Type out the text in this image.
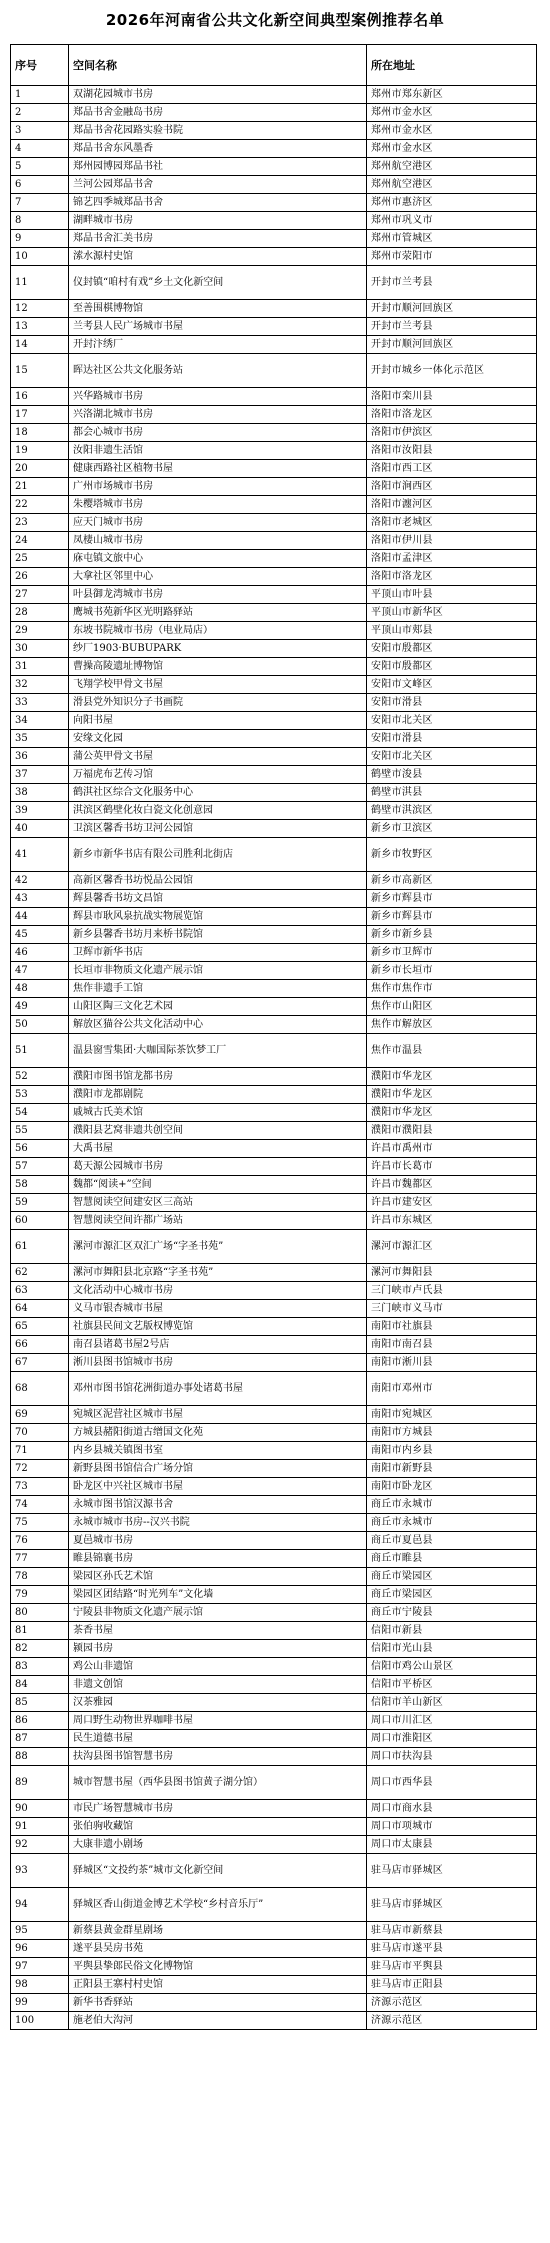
2026年河南省公共文化新空间典型案例推荐名单
序号	空间名称	所在地址
1	双湖花园城市书房	郑州市郑东新区
2	郑品书舍金融岛书房	郑州市金水区
3	郑品书舍花园路实验书院	郑州市金水区
4	郑品书舍东风墨香	郑州市金水区
5	郑州园博园郑品书社	郑州航空港区
6	兰河公园郑品书舍	郑州航空港区
7	锦艺四季城郑品书舍	郑州市惠济区
8	湖畔城市书房	郑州市巩义市
9	郑品书舍汇美书房	郑州市管城区
10	溹水源村史馆	郑州市荥阳市
11	仪封镇“咱村有戏”乡土文化新空间	开封市兰考县
12	至善围棋博物馆	开封市顺河回族区
13	兰考县人民广场城市书屋	开封市兰考县
14	开封汴绣厂	开封市顺河回族区
15	晖达社区公共文化服务站	开封市城乡一体化示范区
16	兴华路城市书房	洛阳市栾川县
17	兴洛湖北城市书房	洛阳市洛龙区
18	都会心城市书房	洛阳市伊滨区
19	汝阳非遗生活馆	洛阳市汝阳县
20	健康西路社区植物书屋	洛阳市西工区
21	广州市场城市书房	洛阳市涧西区
22	朱樱塔城市书房	洛阳市瀍河区
23	应天门城市书房	洛阳市老城区
24	凤棲山城市书房	洛阳市伊川县
25	庥屯镇文旅中心	洛阳市孟津区
26	大拿社区邻里中心	洛阳市洛龙区
27	叶县御龙湾城市书房	平顶山市叶县
28	鹰城书苑新华区光明路驿站	平顶山市新华区
29	东坡书院城市书房（电业局店）	平顶山市郏县
30	纱厂1903·BUBUPARK	安阳市殷都区
31	曹操高陵遗址博物馆	安阳市殷都区
32	飞翔学校甲骨文书屋	安阳市文峰区
33	滑县党外知识分子书画院	安阳市滑县
34	向阳书屋	安阳市北关区
35	安缘文化园	安阳市滑县
36	蒲公英甲骨文书屋	安阳市北关区
37	万福虎布艺传习馆	鹤壁市浚县
38	鹤淇社区综合文化服务中心	鹤壁市淇县
39	淇滨区鹤壁化妆白瓷文化创意园	鹤壁市淇滨区
40	卫滨区馨香书坊卫河公园馆	新乡市卫滨区
41	新乡市新华书店有限公司胜利北街店	新乡市牧野区
42	高新区馨香书坊悦品公园馆	新乡市高新区
43	辉县馨香书坊文昌馆	新乡市辉县市
44	辉县市耿风泉抗战实物展览馆	新乡市辉县市
45	新乡县馨香书坊月来桥书院馆	新乡市新乡县
46	卫辉市新华书店	新乡市卫辉市
47	长垣市非物质文化遗产展示馆	新乡市长垣市
48	焦作非遗手工馆	焦作市焦作市
49	山阳区陶三文化艺术园	焦作市山阳区
50	解放区猫谷公共文化活动中心	焦作市解放区
51	温县窗雪集团·大咖国际茶饮梦工厂	焦作市温县
52	濮阳市图书馆龙都书房	濮阳市华龙区
53	濮阳市龙都剧院	濮阳市华龙区
54	戚城古氏美术馆	濮阳市华龙区
55	濮阳县艺窝非遗共创空间	濮阳市濮阳县
56	大禹书屋	许昌市禹州市
57	葛天源公园城市书房	许昌市长葛市
58	魏都“阅读+”空间	许昌市魏都区
59	智慧阅读空间建安区三高站	许昌市建安区
60	智慧阅读空间许都广场站	许昌市东城区
61	漯河市源汇区双汇广场“字圣书苑”	漯河市源汇区
62	漯河市舞阳县北京路“字圣书苑”	漯河市舞阳县
63	文化活动中心城市书房	三门峡市卢氏县
64	义马市银杏城市书屋	三门峡市义马市
65	社旗县民间文艺版权博览馆	南阳市社旗县
66	南召县诸葛书屋2号店	南阳市南召县
67	淅川县图书馆城市书房	南阳市淅川县
68	邓州市图书馆花洲街道办事处诸葛书屋	南阳市邓州市
69	宛城区泥营社区城市书屋	南阳市宛城区
70	方城县赭阳街道古缯国文化苑	南阳市方城县
71	内乡县城关镇图书室	南阳市内乡县
72	新野县图书馆信合广场分馆	南阳市新野县
73	卧龙区中兴社区城市书屋	南阳市卧龙区
74	永城市图书馆汉源书舍	商丘市永城市
75	永城市城市书房--汉兴书院	商丘市永城市
76	夏邑城市书房	商丘市夏邑县
77	睢县锦襄书房	商丘市睢县
78	梁园区孙氏艺术馆	商丘市梁园区
79	梁园区团结路“时光列车”文化墙	商丘市梁园区
80	宁陵县非物质文化遗产展示馆	商丘市宁陵县
81	茶香书屋	信阳市新县
82	颍园书房	信阳市光山县
83	鸡公山非遗馆	信阳市鸡公山景区
84	非遗文创馆	信阳市平桥区
85	汉茶雅园	信阳市羊山新区
86	周口野生动物世界咖啡书屋	周口市川汇区
87	民生道德书屋	周口市淮阳区
88	扶沟县图书馆智慧书房	周口市扶沟县
89	城市智慧书屋（西华县图书馆黄子湖分馆）	周口市西华县
90	市民广场智慧城市书房	周口市商水县
91	张伯驹收藏馆	周口市项城市
92	大康非遗小剧场	周口市太康县
93	驿城区“文投约茶”城市文化新空间	驻马店市驿城区
94	驿城区香山街道金博艺术学校“乡村音乐厅”	驻马店市驿城区
95	新蔡县黄金群星剧场	驻马店市新蔡县
96	遂平县吴房书苑	驻马店市遂平县
97	平舆县挚郎民俗文化博物馆	驻马店市平舆县
98	正阳县王寨村村史馆	驻马店市正阳县
99	新华书香驿站	济源示范区
100	施老伯大沟河	济源示范区
